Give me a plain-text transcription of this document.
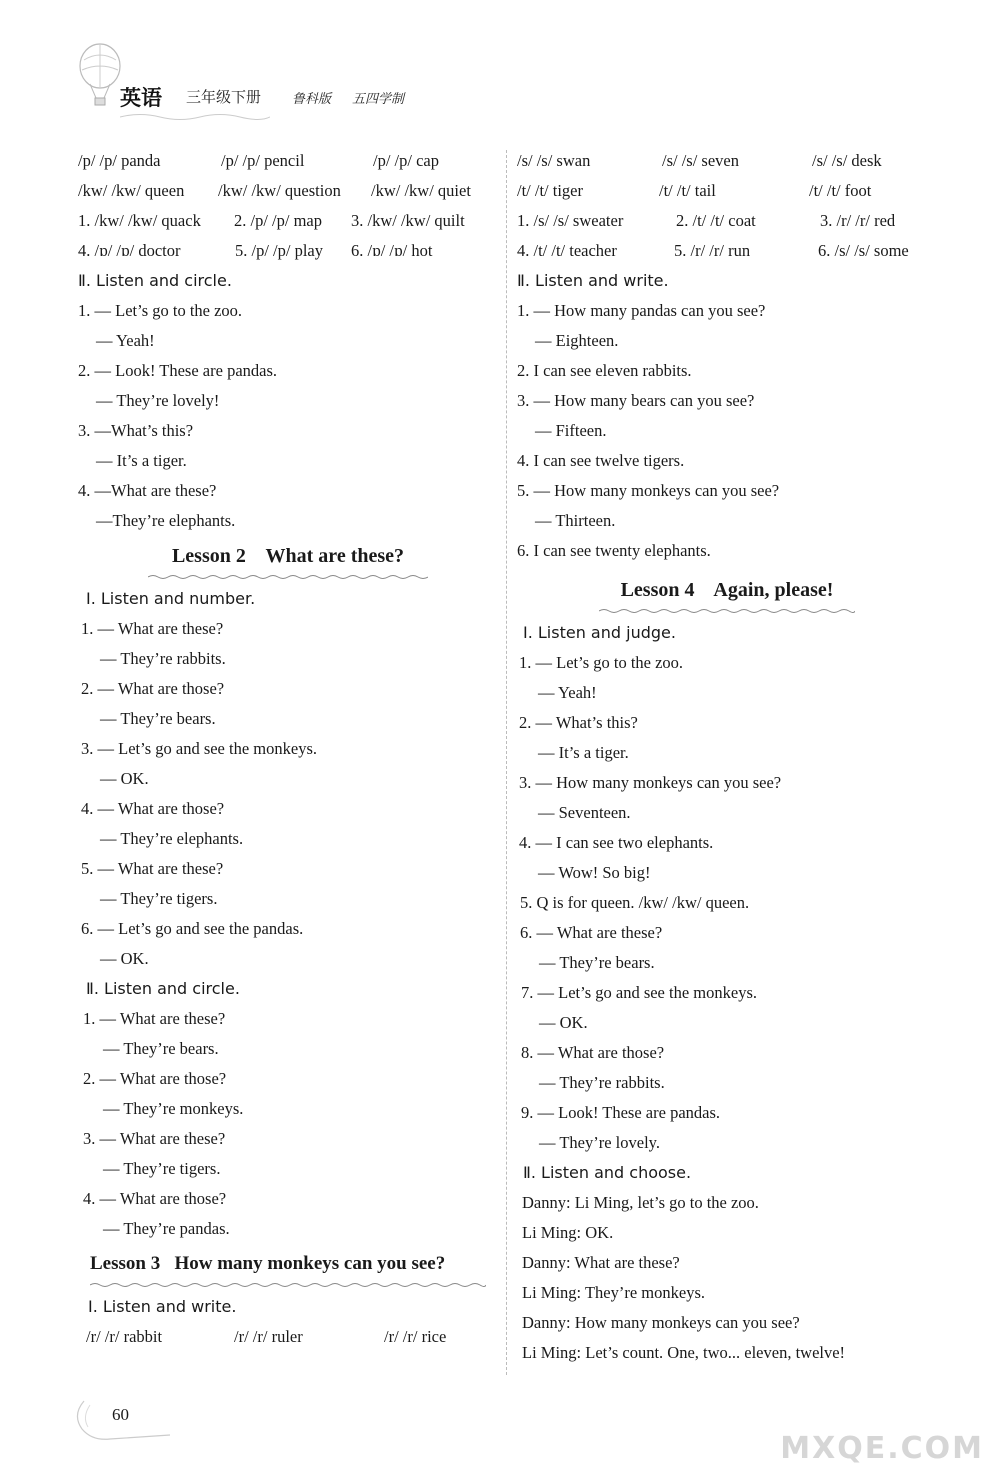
英语 三年级下册 鲁科版 五四学制
/p/ /p/ panda	/p/ /p/ pencil	/p/ /p/ cap
/kw/ /kw/ queen /kw/ /kw/ question /kw/ /kw/ quiet
1. /kw/ /kw/ quack 2. /p/ /p/ map 3. /kw/ /kw/ quilt
4. /ɒ/ /ɒ/ doctor	5. /p/ /p/ play 6. /ɒ/ /ɒ/ hot
Ⅱ. Listen and circle.
1. — Let’s go to the zoo.
— Yeah!
2. — Look! These are pandas.
— They’re lovely!
3. —What’s this?
— It’s a tiger.
4. —What are these?
—They’re elephants.
Lesson 2    What are these?
Ⅰ. Listen and number.
1. — What are these?
— They’re rabbits.
2. — What are those?
— They’re bears.
3. — Let’s go and see the monkeys.
— OK.
4. — What are those?
— They’re elephants.
5. — What are these?
— They’re tigers.
6. — Let’s go and see the pandas.
— OK.
Ⅱ. Listen and circle.
1. — What are these?
— They’re bears.
2. — What are those?
— They’re monkeys.
3. — What are these?
— They’re tigers.
4. — What are those?
— They’re pandas.
Lesson 3   How many monkeys can you see?
Ⅰ. Listen and write.
/r/ /r/ rabbit	/r/ /r/ ruler	/r/ /r/ rice
/s/ /s/ swan	/s/ /s/ seven	/s/ /s/ desk
/t/ /t/ tiger	/t/ /t/ tail	/t/ /t/ foot
1. /s/ /s/ sweater	2. /t/ /t/ coat	3. /r/ /r/ red
4. /t/ /t/ teacher	5. /r/ /r/ run	6. /s/ /s/ some
Ⅱ. Listen and write.
1. — How many pandas can you see?
— Eighteen.
2. I can see eleven rabbits.
3. — How many bears can you see?
— Fifteen.
4. I can see twelve tigers.
5. — How many monkeys can you see?
— Thirteen.
6. I can see twenty elephants.
Lesson 4    Again, please!
Ⅰ. Listen and judge.
1. — Let’s go to the zoo.
— Yeah!
2. — What’s this?
— It’s a tiger.
3. — How many monkeys can you see?
— Seventeen.
4. — I can see two elephants.
— Wow! So big!
5. Q is for queen. /kw/ /kw/ queen.
6. — What are these?
— They’re bears.
7. — Let’s go and see the monkeys.
— OK.
8. — What are those?
— They’re rabbits.
9. — Look! These are pandas.
— They’re lovely.
Ⅱ. Listen and choose.
Danny: Li Ming, let’s go to the zoo.
Li Ming: OK.
Danny: What are these?
Li Ming: They’re monkeys.
Danny: How many monkeys can you see?
Li Ming: Let’s count. One, two... eleven, twelve!
60
MXQE.COM
